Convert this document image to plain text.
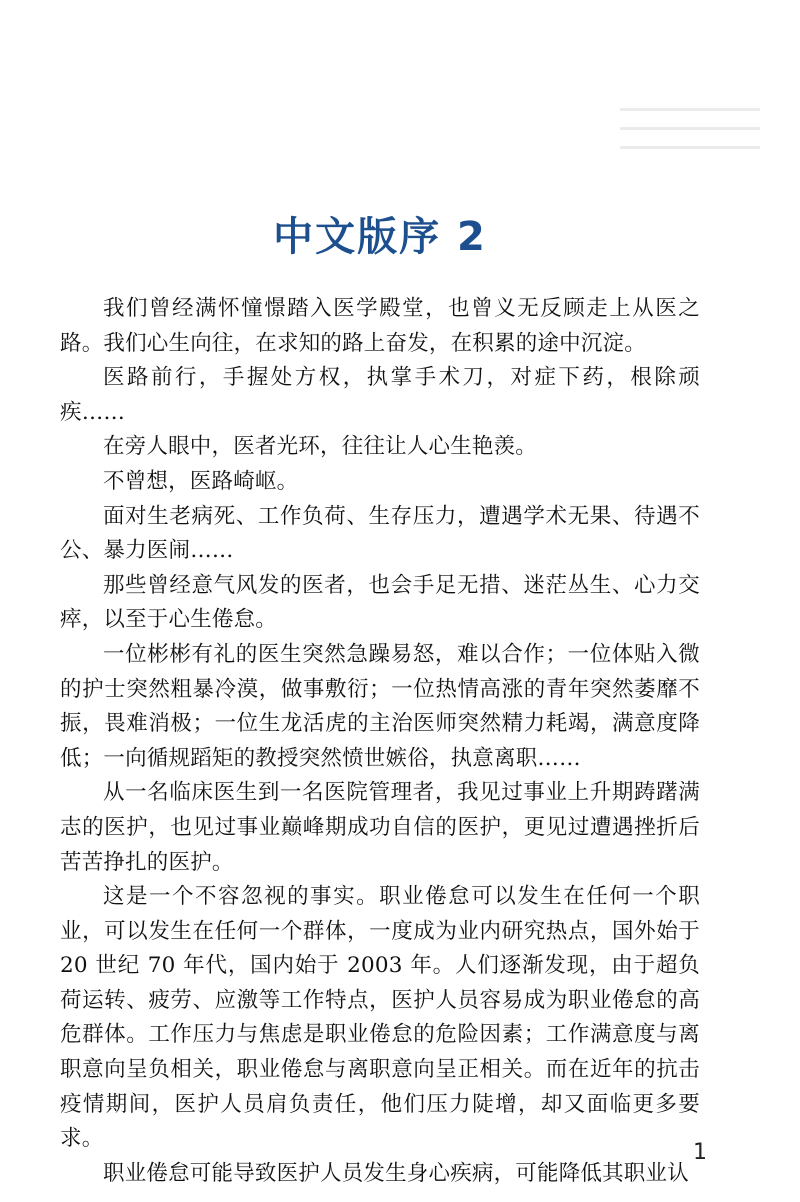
中文版序 2

我们曾经满怀憧憬踏入医学殿堂，也曾义无反顾走上从医之路。我们心生向往，在求知的路上奋发，在积累的途中沉淀。

医路前行，手握处方权，执掌手术刀，对症下药，根除顽疾……

在旁人眼中，医者光环，往往让人心生艳羡。

不曾想，医路崎岖。

面对生老病死、工作负荷、生存压力，遭遇学术无果、待遇不公、暴力医闹……

那些曾经意气风发的医者，也会手足无措、迷茫丛生、心力交瘁，以至于心生倦怠。

一位彬彬有礼的医生突然急躁易怒，难以合作；一位体贴入微的护士突然粗暴冷漠，做事敷衍；一位热情高涨的青年突然萎靡不振，畏难消极；一位生龙活虎的主治医师突然精力耗竭，满意度降低；一向循规蹈矩的教授突然愤世嫉俗，执意离职……

从一名临床医生到一名医院管理者，我见过事业上升期踌躇满志的医护，也见过事业巅峰期成功自信的医护，更见过遭遇挫折后苦苦挣扎的医护。

这是一个不容忽视的事实。职业倦怠可以发生在任何一个职业，可以发生在任何一个群体，一度成为业内研究热点，国外始于 20 世纪 70 年代，国内始于 2003 年。人们逐渐发现，由于超负荷运转、疲劳、应激等工作特点，医护人员容易成为职业倦怠的高危群体。工作压力与焦虑是职业倦怠的危险因素；工作满意度与离职意向呈负相关，职业倦怠与离职意向呈正相关。而在近年的抗击疫情期间，医护人员肩负责任，他们压力陡增，却又面临更多要求。

职业倦怠可能导致医护人员发生身心疾病，可能降低其职业认

1
